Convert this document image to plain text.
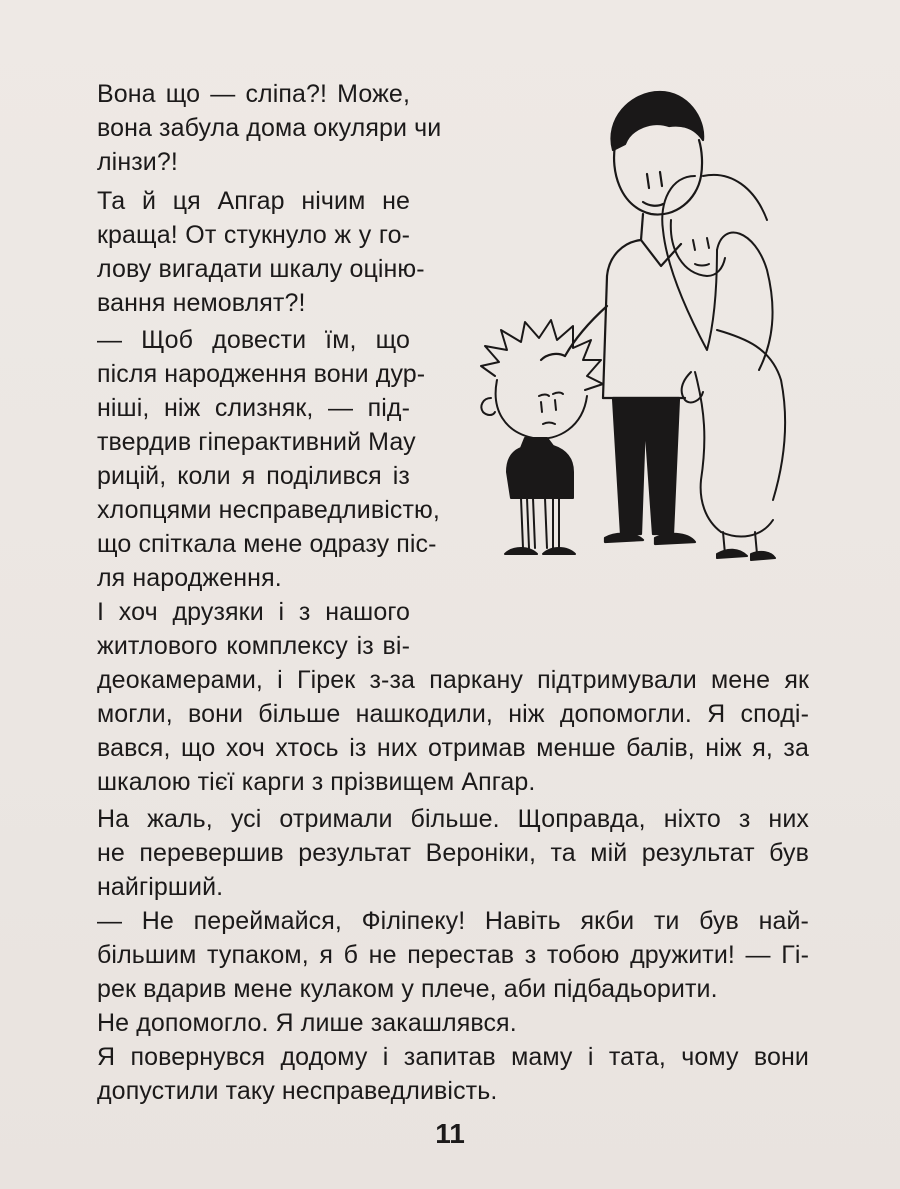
Вона що — сліпа?! Може,
вона забула дома окуляри чи
лінзи?!
Та й ця Апгар нічим не
краща! От стукнуло ж у го-
лову вигадати шкалу оціню-
вання немовлят?!
— Щоб довести їм, що
після народження вони дур-
ніші, ніж слизняк, — під-
твердив гіперактивний Мау
рицій, коли я поділився із
хлопцями несправедливістю,
що спіткала мене одразу піс-
ля народження.
І хоч друзяки і з нашого
житлового комплексу із ві-
деокамерами, і Гірек з-за паркану підтримували мене як
могли, вони більше нашкодили, ніж допомогли. Я споді-
вався, що хоч хтось із них отримав менше балів, ніж я, за
шкалою тієї карги з прізвищем Апгар.
На жаль, усі отримали більше. Щоправда, ніхто з них
не перевершив результат Вероніки, та мій результат був
найгірший.
— Не переймайся, Філіпеку! Навіть якби ти був най-
більшим тупаком, я б не перестав з тобою дружити! — Гі-
рек вдарив мене кулаком у плече, аби підбадьорити.
Не допомогло. Я лише закашлявся.
Я повернувся додому і запитав маму і тата, чому вони
допустили таку несправедливість.
11
